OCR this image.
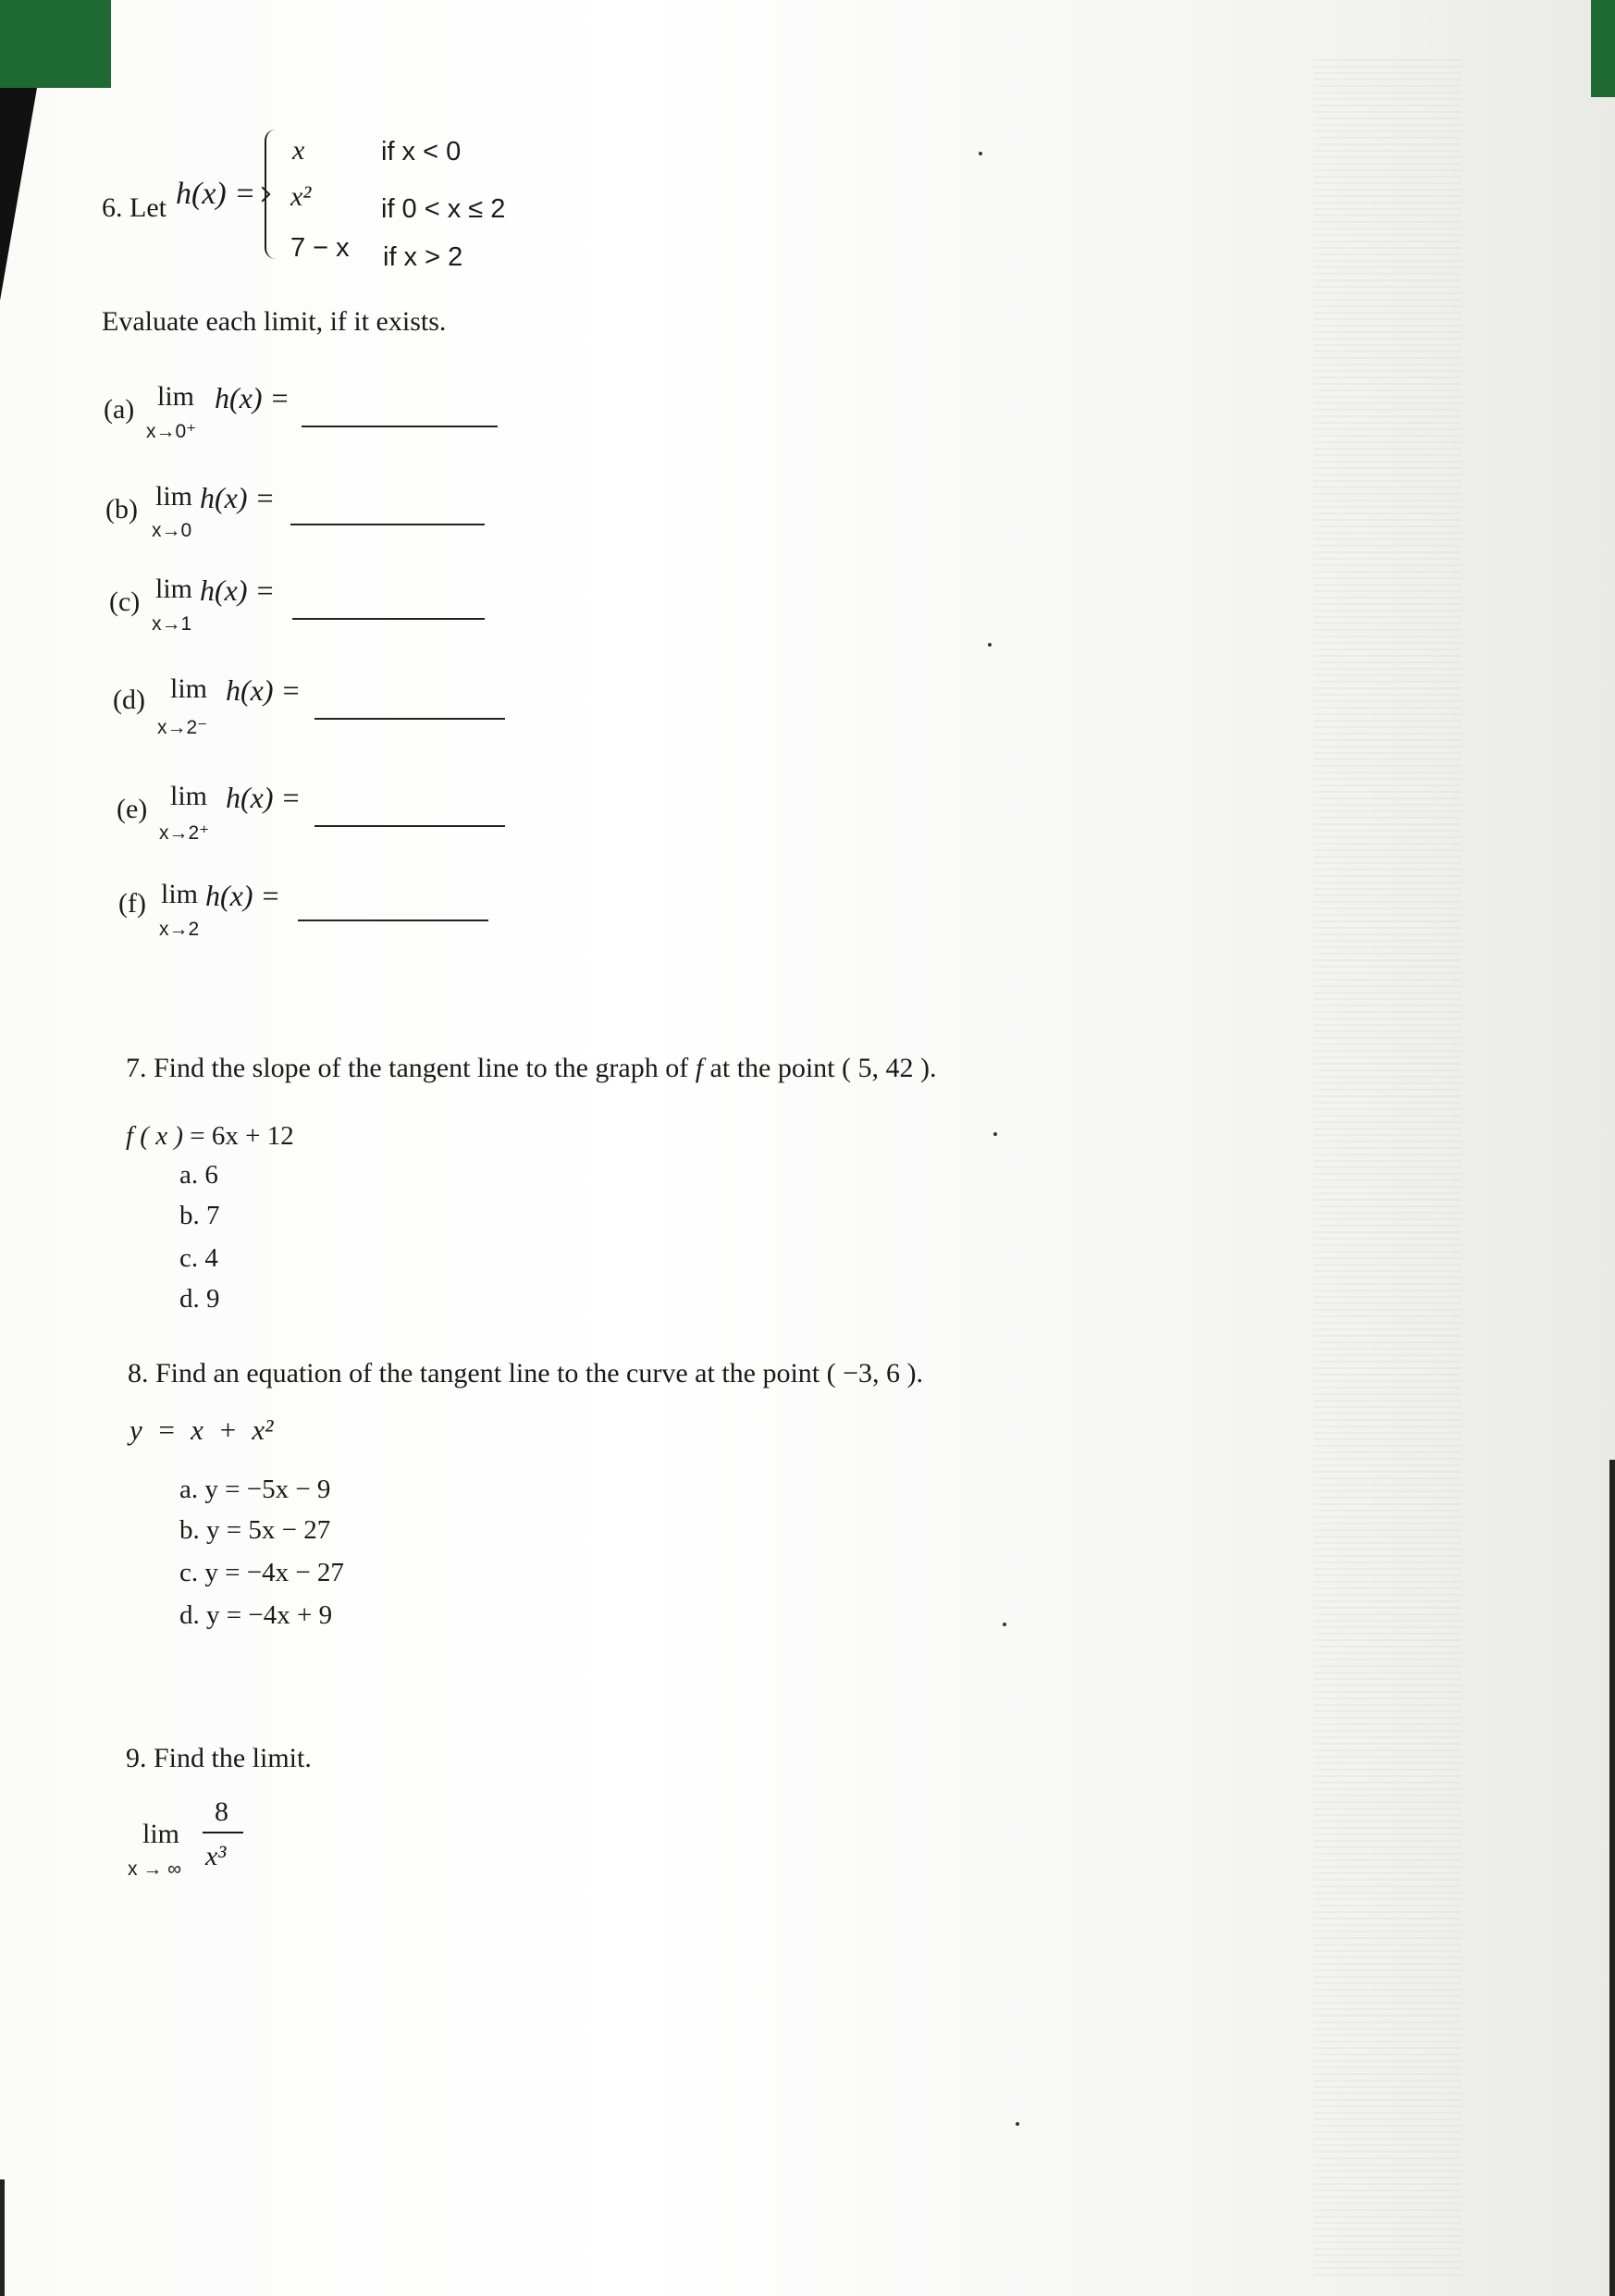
6. Let h(x) =
x	if x < 0
x²	if 0 < x ≤ 2
7 − x if x > 2
Evaluate each limit, if it exists.
(a) lim h(x) =
x→0⁺
(b) lim h(x) =
x→0
(c) lim h(x) =
x→1
(d) lim h(x) =
x→2⁻
(e) lim h(x) =
x→2⁺
(f) lim h(x) =
x→2
7. Find the slope of the tangent line to the graph of f at the point ( 5, 42 ).
f ( x ) = 6x + 12
a. 6
b. 7
c. 4
d. 9
8. Find an equation of the tangent line to the curve at the point ( −3, 6 ).
y = x + x²
a. y = −5x − 9
b. y = 5x − 27
c. y = −4x − 27
d. y = −4x + 9
9. Find the limit.
lim
x → ∞
8
x³
